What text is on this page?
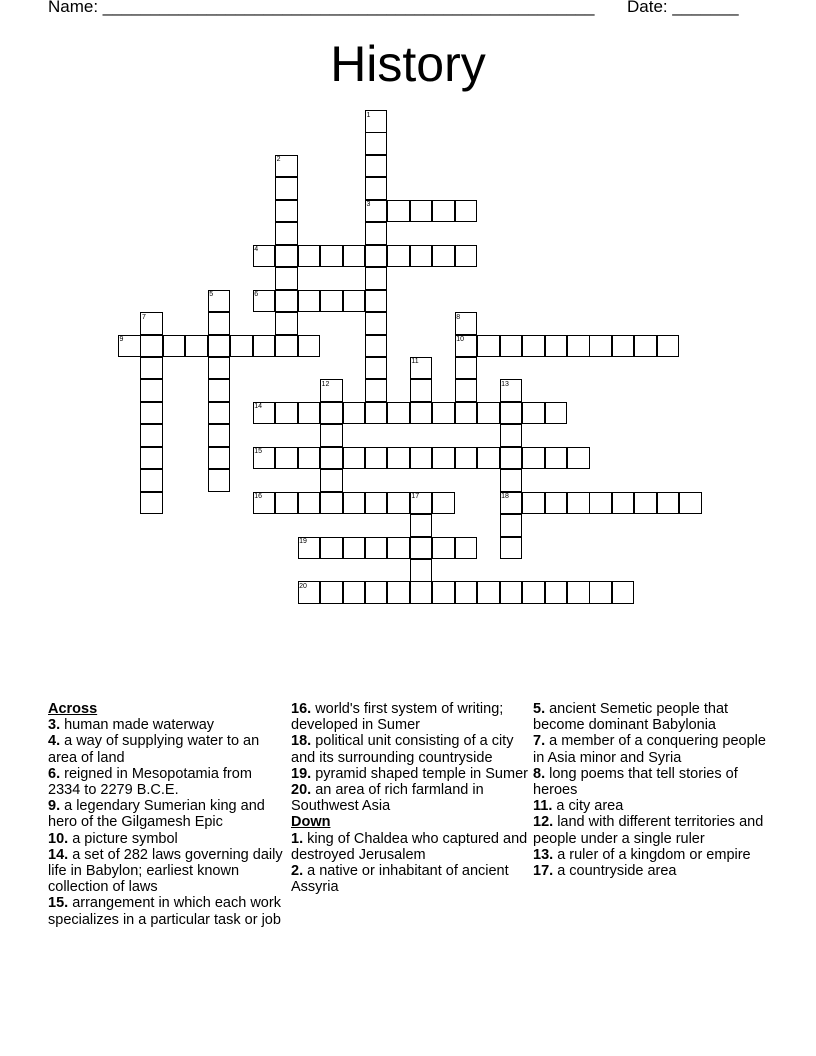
Name: ____________________________________________________ Date: _______
History
1
2
3
4
5	6
7	8
9	10
11
12	13
14
15
16	17	18
19
20

Across

3. human made waterway

4. a way of supplying water to an area of land

6. reigned in Mesopotamia from 2334 to 2279 B.C.E.

9. a legendary Sumerian king and hero of the Gilgamesh Epic

10. a picture symbol

14. a set of 282 laws governing daily life in Babylon; earliest known collection of laws

15. arrangement in which each work specializes in a particular task or job

16. world's first system of writing; developed in Sumer

18. political unit consisting of a city and its surrounding countryside

19. pyramid shaped temple in Sumer

20. an area of rich farmland in Southwest Asia

Down

1. king of Chaldea who captured and destroyed Jerusalem

2. a native or inhabitant of ancient Assyria

5. ancient Semetic people that become dominant Babylonia

7. a member of a conquering people in Asia minor and Syria

8. long poems that tell stories of heroes

11. a city area

12. land with different territories and people under a single ruler

13. a ruler of a kingdom or empire

17. a countryside area
